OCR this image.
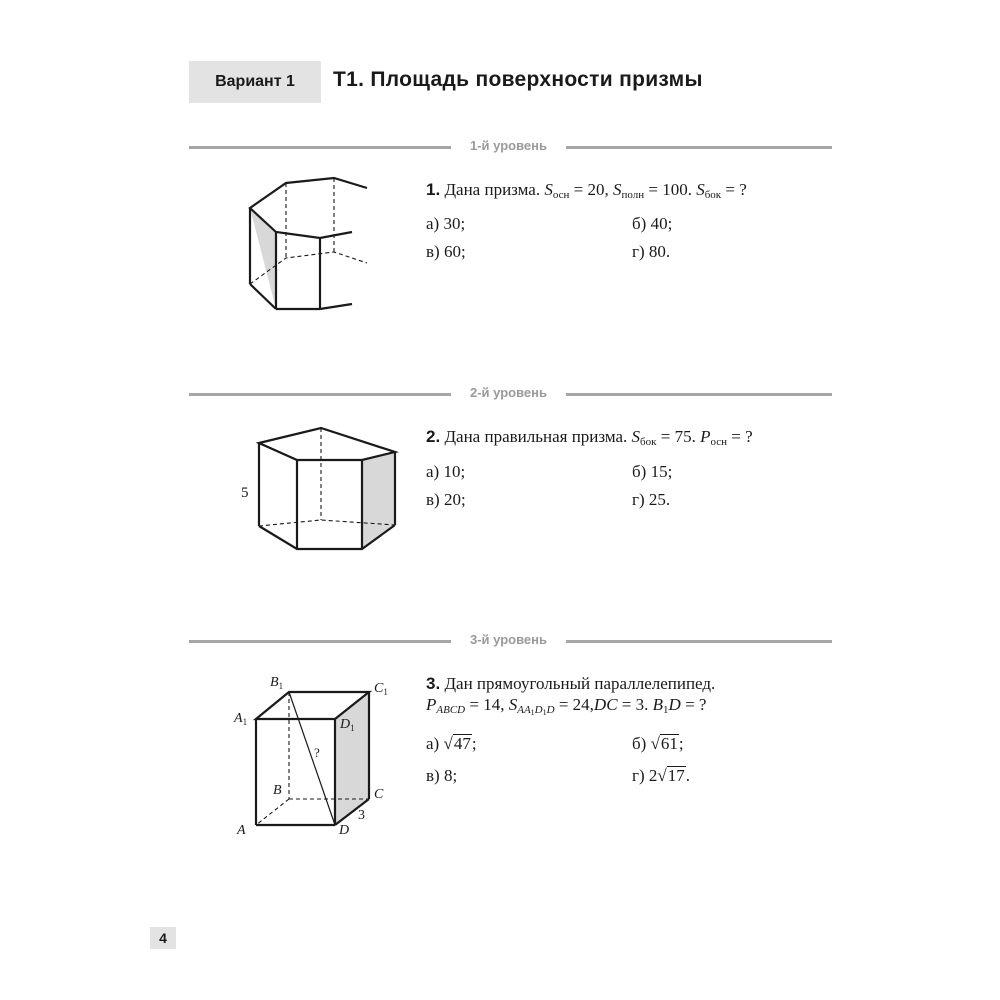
Вариант 1	Т1. Площадь поверхности призмы
1-й уровень
1. Дана призма. $S_{осн} = 20$, $S_{полн} = 100$. $S_{бок}$ = ?
а) 30;	б) 40;
в) 60;	г) 80.
2-й уровень
5
2. Дана правильная призма. $S_{бок} = 75$. $P_{осн}$ = ?
а) 10;	б) 15;
в) 20;	г) 25.
3-й уровень
$B_1$	$C_1$
$A_1$	$D_1$
B	C
A	D
?
3
3. Дан прямоугольный параллелепипед.
$P_{ABCD} = 14$, $S_{AA_1D_1D} = 24,DC = 3$. $B_1D$ = ?
а) √47;	б) √61;
в) 8;	г) 2√17.
4
